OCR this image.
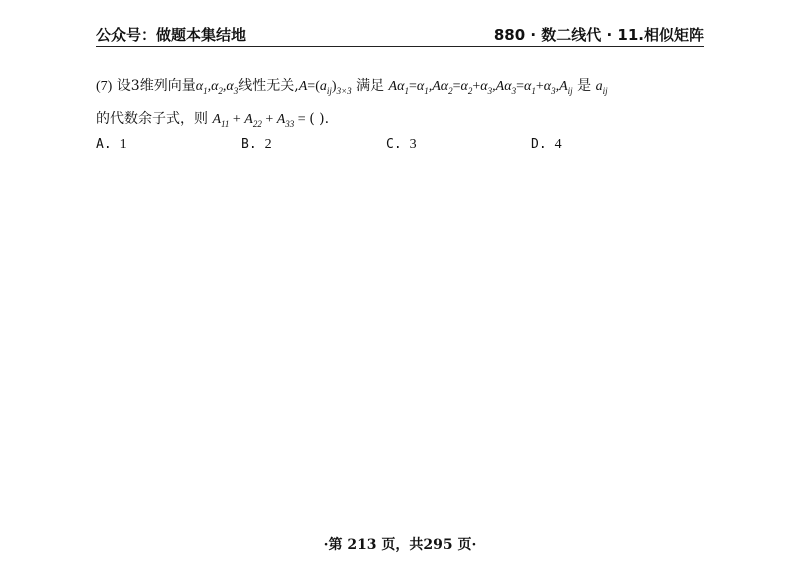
公众号：做题本集结地	880 · 数二线代 · 11.相似矩阵
(7) 设3维列向量$\alpha_1,\alpha_2,\alpha_3$线性无关$,A=(a_{ij})_{3\times 3}$ 满足 $A\alpha_1=\alpha_1,A\alpha_2=\alpha_2+\alpha_3,A\alpha_3=\alpha_1+\alpha_3,A_{ij}$ 是 $a_{ij}$
的代数余子式，则 $A_{11} + A_{22} + A_{33}$ = ( ).
A. 1	B. 2	C. 3	D. 4
·第 213 页，共295 页·
